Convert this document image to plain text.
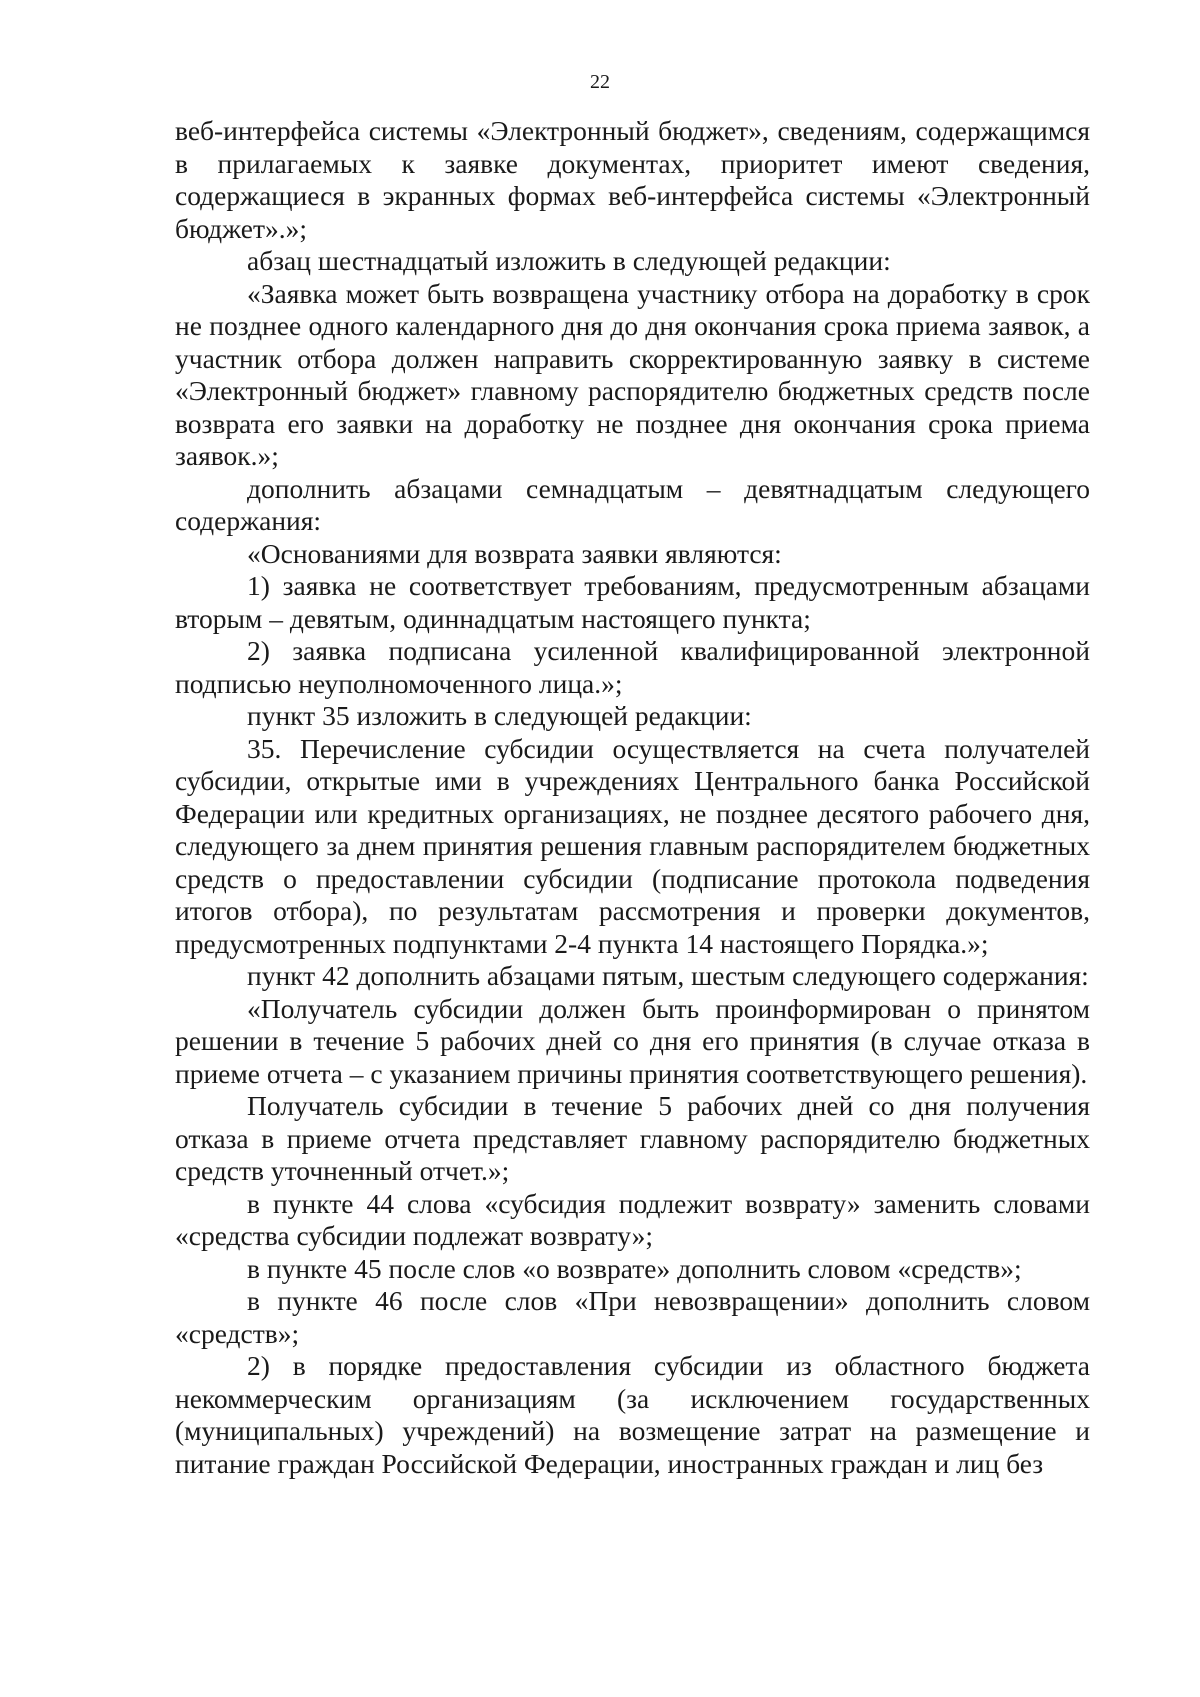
22

веб-интерфейса системы «Электронный бюджет», сведениям, содержащимся в прилагаемых к заявке документах, приоритет имеют сведения, содержащиеся в экранных формах веб-интерфейса системы «Электронный бюджет».»;

абзац шестнадцатый изложить в следующей редакции:

«Заявка может быть возвращена участнику отбора на доработку в срок не позднее одного календарного дня до дня окончания срока приема заявок, а участник отбора должен направить скорректированную заявку в системе «Электронный бюджет» главному распорядителю бюджетных средств после возврата его заявки на доработку не позднее дня окончания срока приема заявок.»;

дополнить абзацами семнадцатым – девятнадцатым следующего содержания:

«Основаниями для возврата заявки являются:

1) заявка не соответствует требованиям, предусмотренным абзацами вторым – девятым, одиннадцатым настоящего пункта;

2) заявка подписана усиленной квалифицированной электронной подписью неуполномоченного лица.»;

пункт 35 изложить в следующей редакции:

35. Перечисление субсидии осуществляется на счета получателей субсидии, открытые ими в учреждениях Центрального банка Российской Федерации или кредитных организациях, не позднее десятого рабочего дня, следующего за днем принятия решения главным распорядителем бюджетных средств о предоставлении субсидии (подписание протокола подведения итогов отбора), по результатам рассмотрения и проверки документов, предусмотренных подпунктами 2-4 пункта 14 настоящего Порядка.»;

пункт 42 дополнить абзацами пятым, шестым следующего содержания:

«Получатель субсидии должен быть проинформирован о принятом решении в течение 5 рабочих дней со дня его принятия (в случае отказа в приеме отчета – с указанием причины принятия соответствующего решения).

Получатель субсидии в течение 5 рабочих дней со дня получения отказа в приеме отчета представляет главному распорядителю бюджетных средств уточненный отчет.»;

в пункте 44 слова «субсидия подлежит возврату» заменить словами «средства субсидии подлежат возврату»;

в пункте 45 после слов «о возврате» дополнить словом «средств»;

в пункте 46 после слов «При невозвращении» дополнить словом «средств»;

2) в порядке предоставления субсидии из областного бюджета некоммерческим организациям (за исключением государственных (муниципальных) учреждений) на возмещение затрат на размещение и питание граждан Российской Федерации, иностранных граждан и лиц без
